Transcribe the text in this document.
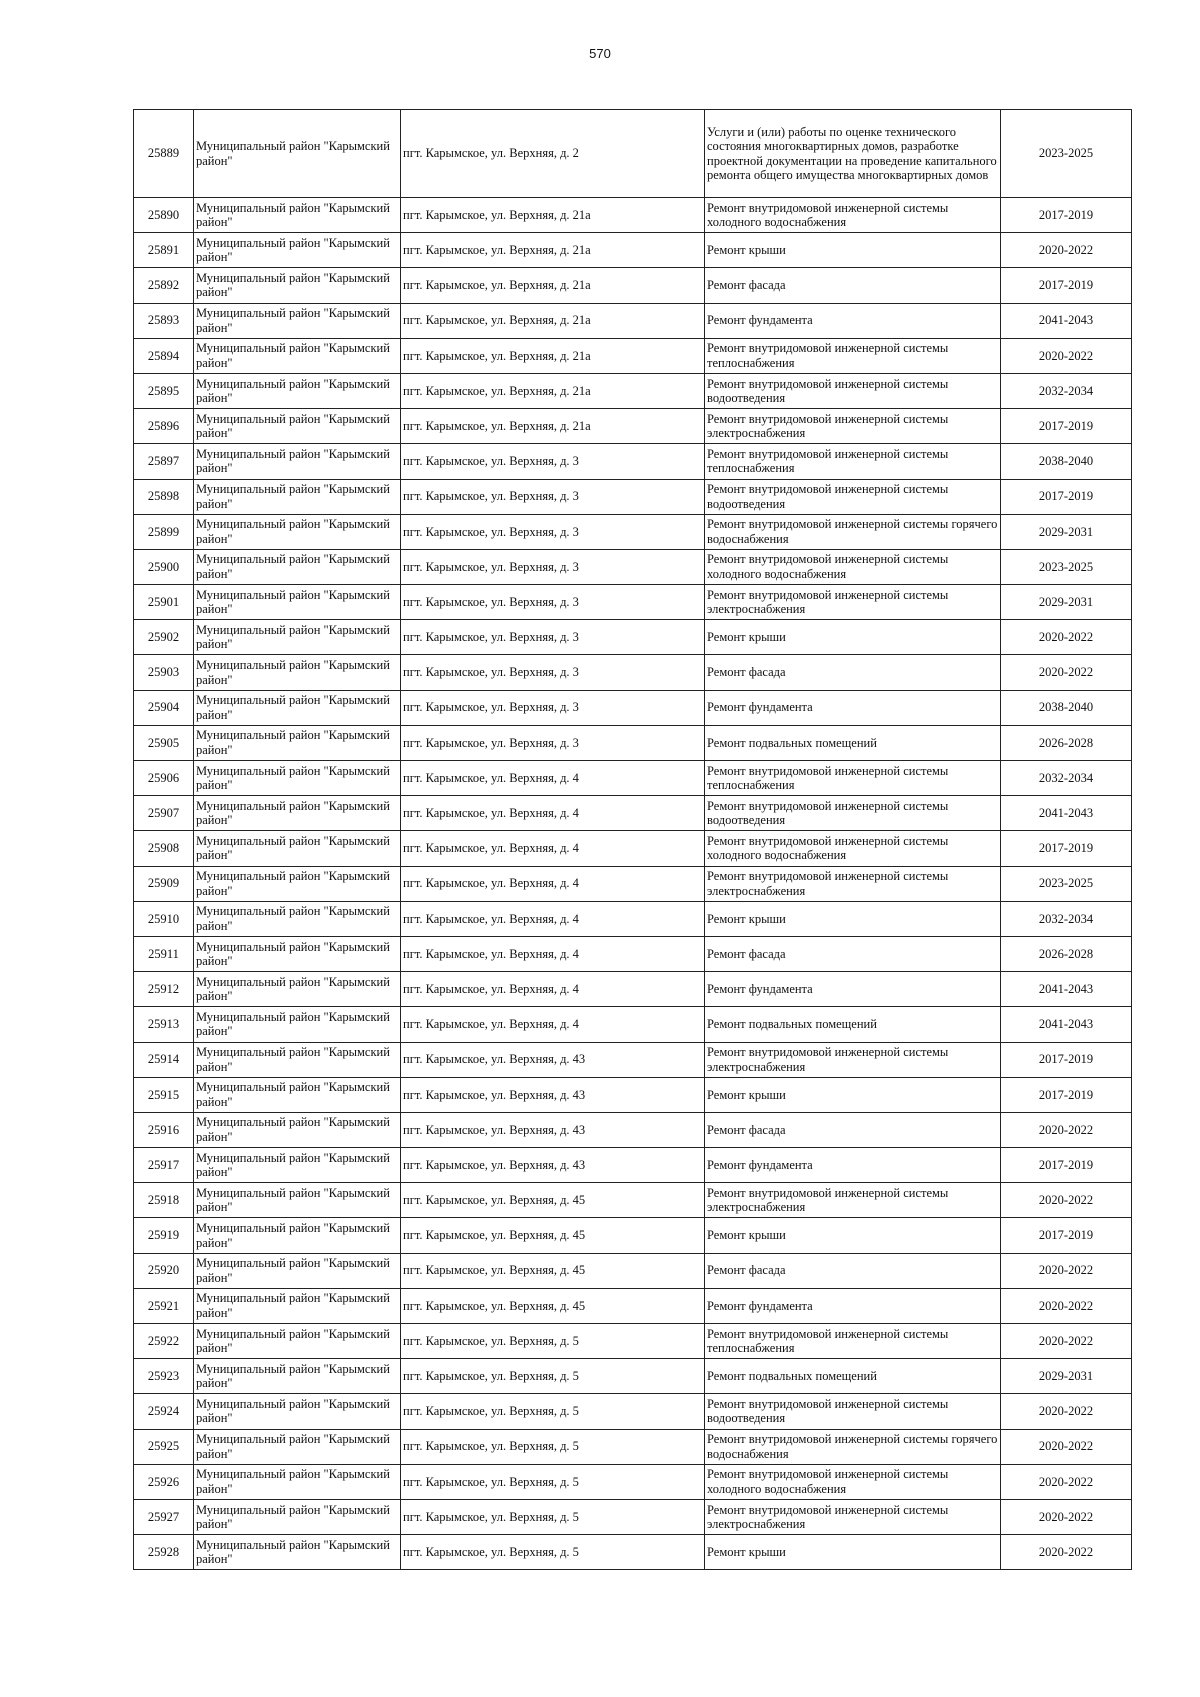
570
25889	Муниципальный район "Карымский район"	пгт. Карымское, ул. Верхняя, д. 2	Услуги и (или) работы по оценке технического состояния многоквартирных домов, разработке проектной документации на проведение капитального ремонта общего имущества многоквартирных домов	2023-2025
25890	Муниципальный район "Карымский район"	пгт. Карымское, ул. Верхняя, д. 21а	Ремонт внутридомовой инженерной системы холодного водоснабжения	2017-2019
25891	Муниципальный район "Карымский район"	пгт. Карымское, ул. Верхняя, д. 21а	Ремонт крыши	2020-2022
25892	Муниципальный район "Карымский район"	пгт. Карымское, ул. Верхняя, д. 21а	Ремонт фасада	2017-2019
25893	Муниципальный район "Карымский район"	пгт. Карымское, ул. Верхняя, д. 21а	Ремонт фундамента	2041-2043
25894	Муниципальный район "Карымский район"	пгт. Карымское, ул. Верхняя, д. 21а	Ремонт внутридомовой инженерной системы теплоснабжения	2020-2022
25895	Муниципальный район "Карымский район"	пгт. Карымское, ул. Верхняя, д. 21а	Ремонт внутридомовой инженерной системы водоотведения	2032-2034
25896	Муниципальный район "Карымский район"	пгт. Карымское, ул. Верхняя, д. 21а	Ремонт внутридомовой инженерной системы электроснабжения	2017-2019
25897	Муниципальный район "Карымский район"	пгт. Карымское, ул. Верхняя, д. 3	Ремонт внутридомовой инженерной системы теплоснабжения	2038-2040
25898	Муниципальный район "Карымский район"	пгт. Карымское, ул. Верхняя, д. 3	Ремонт внутридомовой инженерной системы водоотведения	2017-2019
25899	Муниципальный район "Карымский район"	пгт. Карымское, ул. Верхняя, д. 3	Ремонт внутридомовой инженерной системы горячего водоснабжения	2029-2031
25900	Муниципальный район "Карымский район"	пгт. Карымское, ул. Верхняя, д. 3	Ремонт внутридомовой инженерной системы холодного водоснабжения	2023-2025
25901	Муниципальный район "Карымский район"	пгт. Карымское, ул. Верхняя, д. 3	Ремонт внутридомовой инженерной системы электроснабжения	2029-2031
25902	Муниципальный район "Карымский район"	пгт. Карымское, ул. Верхняя, д. 3	Ремонт крыши	2020-2022
25903	Муниципальный район "Карымский район"	пгт. Карымское, ул. Верхняя, д. 3	Ремонт фасада	2020-2022
25904	Муниципальный район "Карымский район"	пгт. Карымское, ул. Верхняя, д. 3	Ремонт фундамента	2038-2040
25905	Муниципальный район "Карымский район"	пгт. Карымское, ул. Верхняя, д. 3	Ремонт подвальных помещений	2026-2028
25906	Муниципальный район "Карымский район"	пгт. Карымское, ул. Верхняя, д. 4	Ремонт внутридомовой инженерной системы теплоснабжения	2032-2034
25907	Муниципальный район "Карымский район"	пгт. Карымское, ул. Верхняя, д. 4	Ремонт внутридомовой инженерной системы водоотведения	2041-2043
25908	Муниципальный район "Карымский район"	пгт. Карымское, ул. Верхняя, д. 4	Ремонт внутридомовой инженерной системы холодного водоснабжения	2017-2019
25909	Муниципальный район "Карымский район"	пгт. Карымское, ул. Верхняя, д. 4	Ремонт внутридомовой инженерной системы электроснабжения	2023-2025
25910	Муниципальный район "Карымский район"	пгт. Карымское, ул. Верхняя, д. 4	Ремонт крыши	2032-2034
25911	Муниципальный район "Карымский район"	пгт. Карымское, ул. Верхняя, д. 4	Ремонт фасада	2026-2028
25912	Муниципальный район "Карымский район"	пгт. Карымское, ул. Верхняя, д. 4	Ремонт фундамента	2041-2043
25913	Муниципальный район "Карымский район"	пгт. Карымское, ул. Верхняя, д. 4	Ремонт подвальных помещений	2041-2043
25914	Муниципальный район "Карымский район"	пгт. Карымское, ул. Верхняя, д. 43	Ремонт внутридомовой инженерной системы электроснабжения	2017-2019
25915	Муниципальный район "Карымский район"	пгт. Карымское, ул. Верхняя, д. 43	Ремонт крыши	2017-2019
25916	Муниципальный район "Карымский район"	пгт. Карымское, ул. Верхняя, д. 43	Ремонт фасада	2020-2022
25917	Муниципальный район "Карымский район"	пгт. Карымское, ул. Верхняя, д. 43	Ремонт фундамента	2017-2019
25918	Муниципальный район "Карымский район"	пгт. Карымское, ул. Верхняя, д. 45	Ремонт внутридомовой инженерной системы электроснабжения	2020-2022
25919	Муниципальный район "Карымский район"	пгт. Карымское, ул. Верхняя, д. 45	Ремонт крыши	2017-2019
25920	Муниципальный район "Карымский район"	пгт. Карымское, ул. Верхняя, д. 45	Ремонт фасада	2020-2022
25921	Муниципальный район "Карымский район"	пгт. Карымское, ул. Верхняя, д. 45	Ремонт фундамента	2020-2022
25922	Муниципальный район "Карымский район"	пгт. Карымское, ул. Верхняя, д. 5	Ремонт внутридомовой инженерной системы теплоснабжения	2020-2022
25923	Муниципальный район "Карымский район"	пгт. Карымское, ул. Верхняя, д. 5	Ремонт подвальных помещений	2029-2031
25924	Муниципальный район "Карымский район"	пгт. Карымское, ул. Верхняя, д. 5	Ремонт внутридомовой инженерной системы водоотведения	2020-2022
25925	Муниципальный район "Карымский район"	пгт. Карымское, ул. Верхняя, д. 5	Ремонт внутридомовой инженерной системы горячего водоснабжения	2020-2022
25926	Муниципальный район "Карымский район"	пгт. Карымское, ул. Верхняя, д. 5	Ремонт внутридомовой инженерной системы холодного водоснабжения	2020-2022
25927	Муниципальный район "Карымский район"	пгт. Карымское, ул. Верхняя, д. 5	Ремонт внутридомовой инженерной системы электроснабжения	2020-2022
25928	Муниципальный район "Карымский район"	пгт. Карымское, ул. Верхняя, д. 5	Ремонт крыши	2020-2022
